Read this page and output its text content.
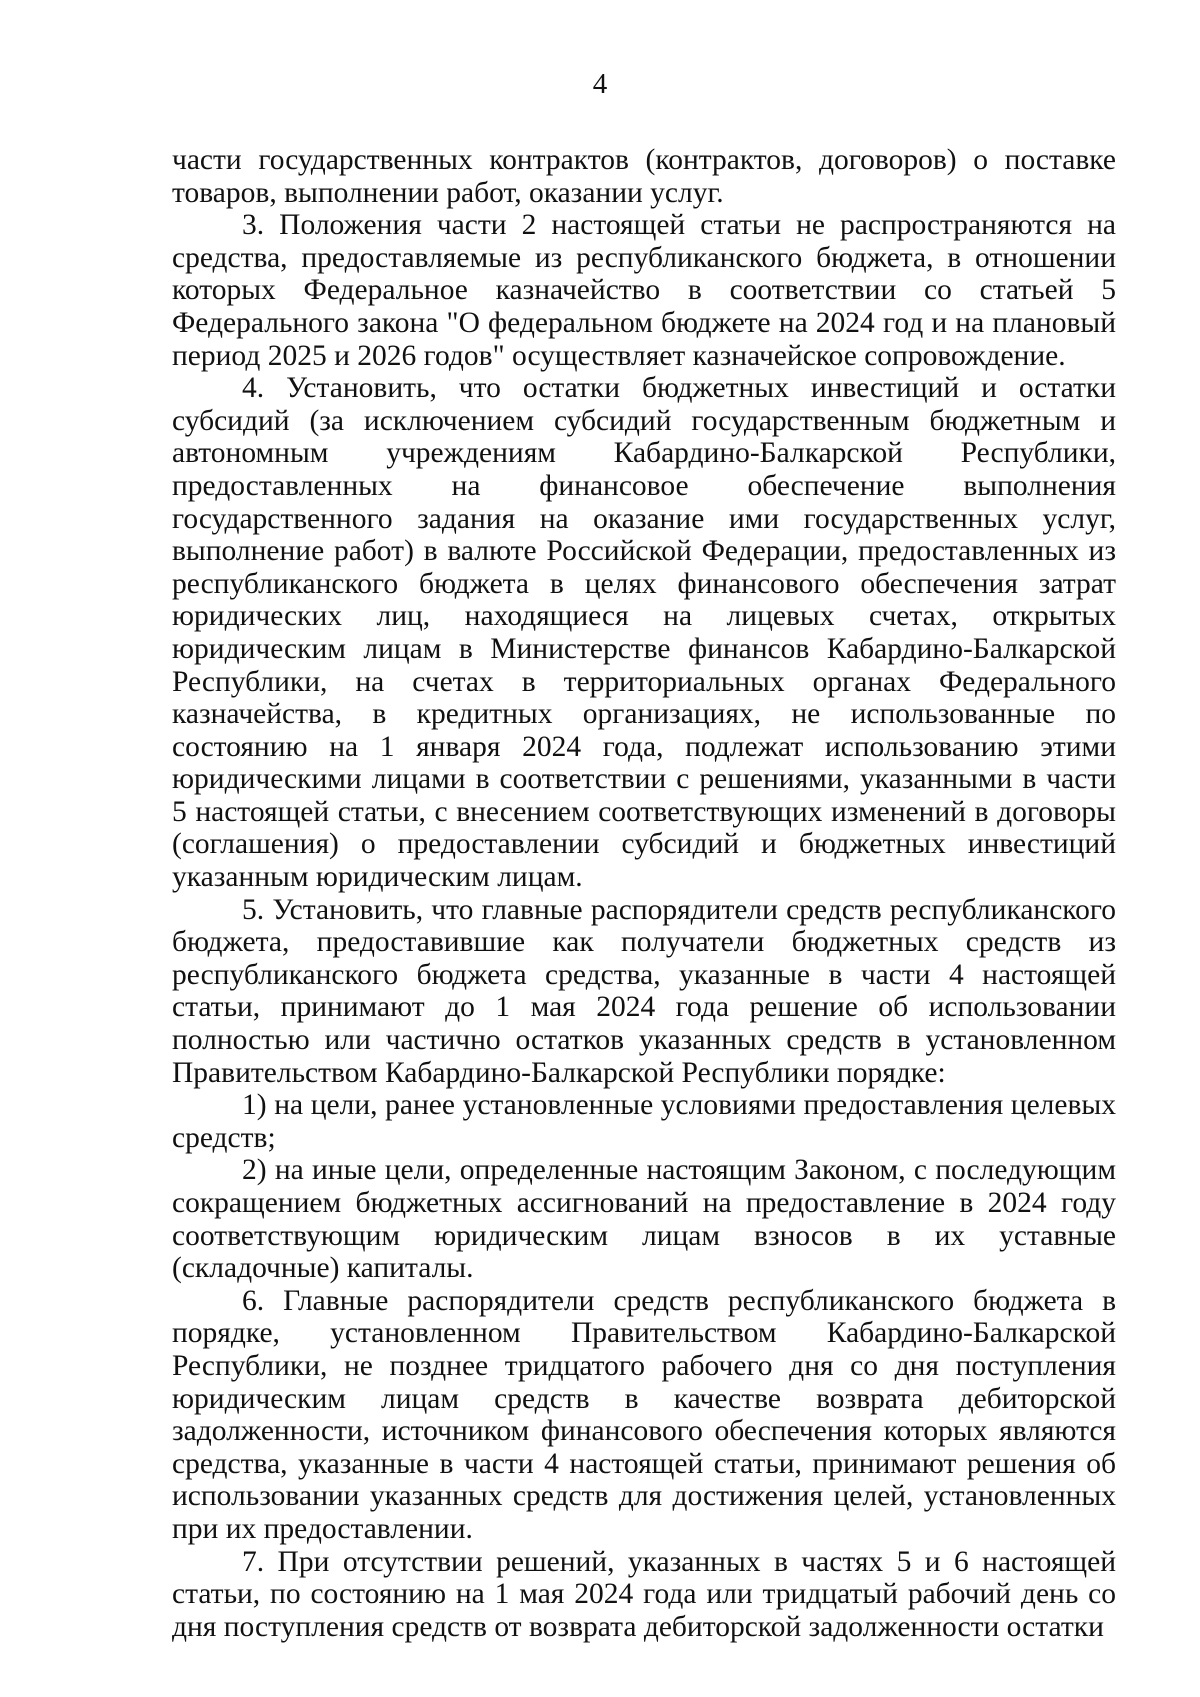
4

части государственных контрактов (контрактов, договоров) о поставке товаров, выполнении работ, оказании услуг.

3. Положения части 2 настоящей статьи не распространяются на средства, предоставляемые из республиканского бюджета, в отношении которых Федеральное казначейство в соответствии со статьей 5 Федерального закона "О федеральном бюджете на 2024 год и на плановый период 2025 и 2026 годов" осуществляет казначейское сопровождение.

4. Установить, что остатки бюджетных инвестиций и остатки субсидий (за исключением субсидий государственным бюджетным и автономным учреждениям Кабардино-Балкарской Республики, предоставленных на финансовое обеспечение выполнения государственного задания на оказание ими государственных услуг, выполнение работ) в валюте Российской Федерации, предоставленных из республиканского бюджета в целях финансового обеспечения затрат юридических лиц, находящиеся на лицевых счетах, открытых юридическим лицам в Министерстве финансов Кабардино-Балкарской Республики, на счетах в территориальных органах Федерального казначейства, в кредитных организациях, не использованные по состоянию на 1 января 2024 года, подлежат использованию этими юридическими лицами в соответствии с решениями, указанными в части 5 настоящей статьи, с внесением соответствующих изменений в договоры (соглашения) о предоставлении субсидий и бюджетных инвестиций указанным юридическим лицам.

5. Установить, что главные распорядители средств республиканского бюджета, предоставившие как получатели бюджетных средств из республиканского бюджета средства, указанные в части 4 настоящей статьи, принимают до 1 мая 2024 года решение об использовании полностью или частично остатков указанных средств в установленном Правительством Кабардино-Балкарской Республики порядке:

1) на цели, ранее установленные условиями предоставления целевых средств;

2) на иные цели, определенные настоящим Законом, с последующим сокращением бюджетных ассигнований на предоставление в 2024 году соответствующим юридическим лицам взносов в их уставные (складочные) капиталы.

6. Главные распорядители средств республиканского бюджета в порядке, установленном Правительством Кабардино-Балкарской Республики, не позднее тридцатого рабочего дня со дня поступления юридическим лицам средств в качестве возврата дебиторской задолженности, источником финансового обеспечения которых являются средства, указанные в части 4 настоящей статьи, принимают решения об использовании указанных средств для достижения целей, установленных при их предоставлении.

7. При отсутствии решений, указанных в частях 5 и 6 настоящей статьи, по состоянию на 1 мая 2024 года или тридцатый рабочий день со дня поступления средств от возврата дебиторской задолженности остатки
